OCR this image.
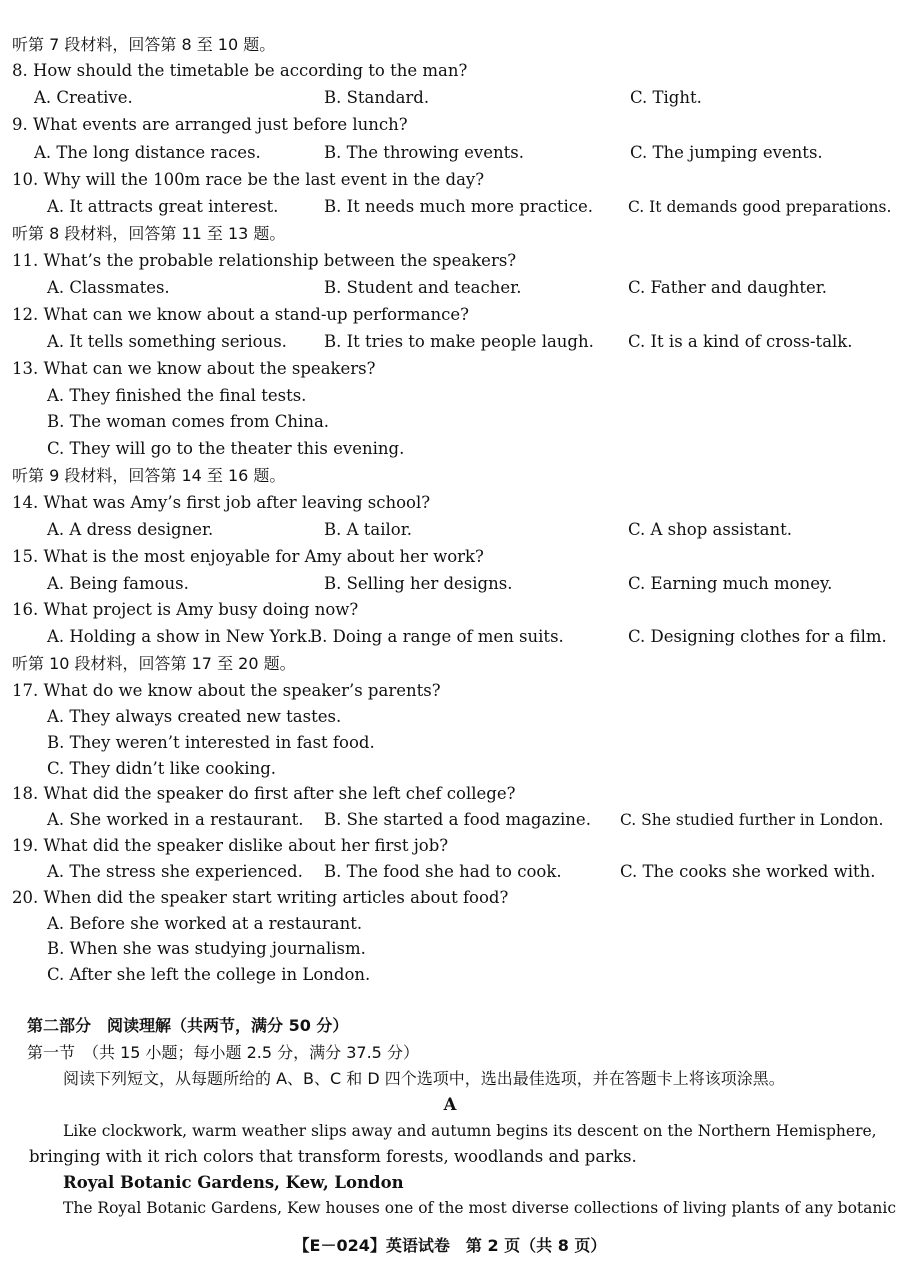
听第 7 段材料，回答第 8 至 10 题。
8. How should the timetable be according to the man?
A. Creative.	B. Standard.	C. Tight.
9. What events are arranged just before lunch?
A. The long distance races.	B. The throwing events.	C. The jumping events.
10. Why will the 100m race be the last event in the day?
A. It attracts great interest.	B. It needs much more practice. C. It demands good preparations.
听第 8 段材料，回答第 11 至 13 题。
11. What’s the probable relationship between the speakers?
A. Classmates.	B. Student and teacher.	C. Father and daughter.
12. What can we know about a stand-up performance?
A. It tells something serious. B. It tries to make people laugh. C. It is a kind of cross-talk.
13. What can we know about the speakers?
A. They finished the final tests.
B. The woman comes from China.
C. They will go to the theater this evening.
听第 9 段材料，回答第 14 至 16 题。
14. What was Amy’s first job after leaving school?
A. A dress designer.	B. A tailor.	C. A shop assistant.
15. What is the most enjoyable for Amy about her work?
A. Being famous.	B. Selling her designs.	C. Earning much money.
16. What project is Amy busy doing now?
A. Holding a show in New York.
B. Doing a range of men suits.	C. Designing clothes for a film.
听第 10 段材料，回答第 17 至 20 题。
17. What do we know about the speaker’s parents?
A. They always created new tastes.
B. They weren’t interested in fast food.
C. They didn’t like cooking.
18. What did the speaker do first after she left chef college?
A. She worked in a restaurant. B. She started a food magazine. C. She studied further in London.
19. What did the speaker dislike about her first job?
A. The stress she experienced. B. The food she had to cook.	C. The cooks she worked with.
20. When did the speaker start writing articles about food?
A. Before she worked at a restaurant.
B. When she was studying journalism.
C. After she left the college in London.
第二部分　阅读理解（共两节，满分 50 分）
第一节　（共 15 小题；每小题 2.5 分，满分 37.5 分）
阅读下列短文，从每题所给的 A、B、C 和 D 四个选项中，选出最佳选项，并在答题卡上将该项涂黑。
A
Like clockwork, warm weather slips away and autumn begins its descent on the Northern Hemisphere,
bringing with it rich colors that transform forests, woodlands and parks.
Royal Botanic Gardens, Kew, London
The Royal Botanic Gardens, Kew houses one of the most diverse collections of living plants of any botanic
【E－024】英语试卷　第 2 页（共 8 页）
